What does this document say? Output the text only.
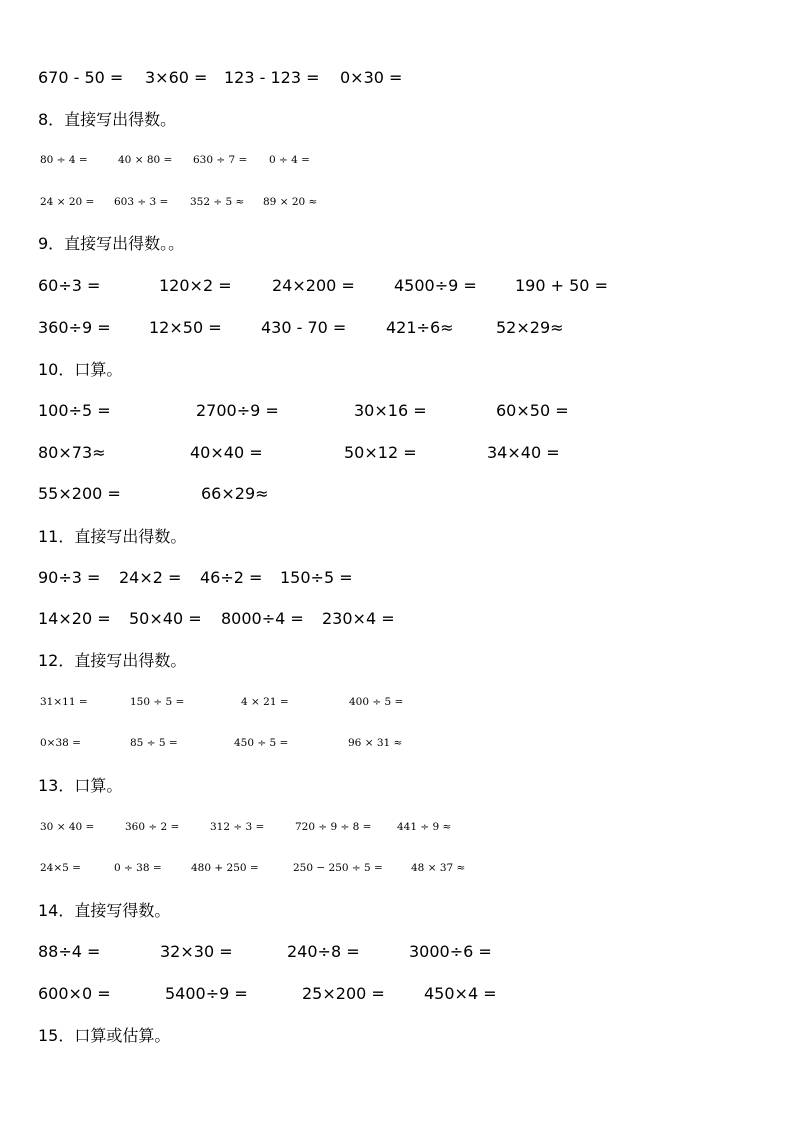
670 - 50 = 3×60 = 123 - 123 = 0×30 =
8．直接写出得数。
80 ÷ 4 =	40 × 80 = 630 ÷ 7 = 0 ÷ 4 =
24 × 20 = 603 ÷ 3 = 352 ÷ 5 ≈ 89 × 20 ≈
9．直接写出得数。。
60÷3 =	120×2 =	24×200 = 4500÷9 = 190 + 50 =
360÷9 = 12×50 = 430 - 70 = 421÷6≈	52×29≈
10．口算。
100÷5 =	2700÷9 =	30×16 =	60×50 =
80×73≈	40×40 =	50×12 =	34×40 =
55×200 =	66×29≈
11．直接写出得数。
90÷3 = 24×2 = 46÷2 = 150÷5 =
14×20 = 50×40 = 8000÷4 = 230×4 =
12．直接写出得数。
31×11 =	150 ÷ 5 =	4 × 21 =	400 ÷ 5 =
0×38 =	85 ÷ 5 =	450 ÷ 5 =	96 × 31 ≈
13．口算。
30 × 40 =	360 ÷ 2 =	312 ÷ 3 =	720 ÷ 9 ÷ 8 = 441 ÷ 9 ≈
24×5 =	0 ÷ 38 =	480 + 250 =	250 − 250 ÷ 5 =	48 × 37 ≈
14．直接写得数。
88÷4 =	32×30 =	240÷8 =	3000÷6 =
600×0 =	5400÷9 =	25×200 = 450×4 =
15．口算或估算。
